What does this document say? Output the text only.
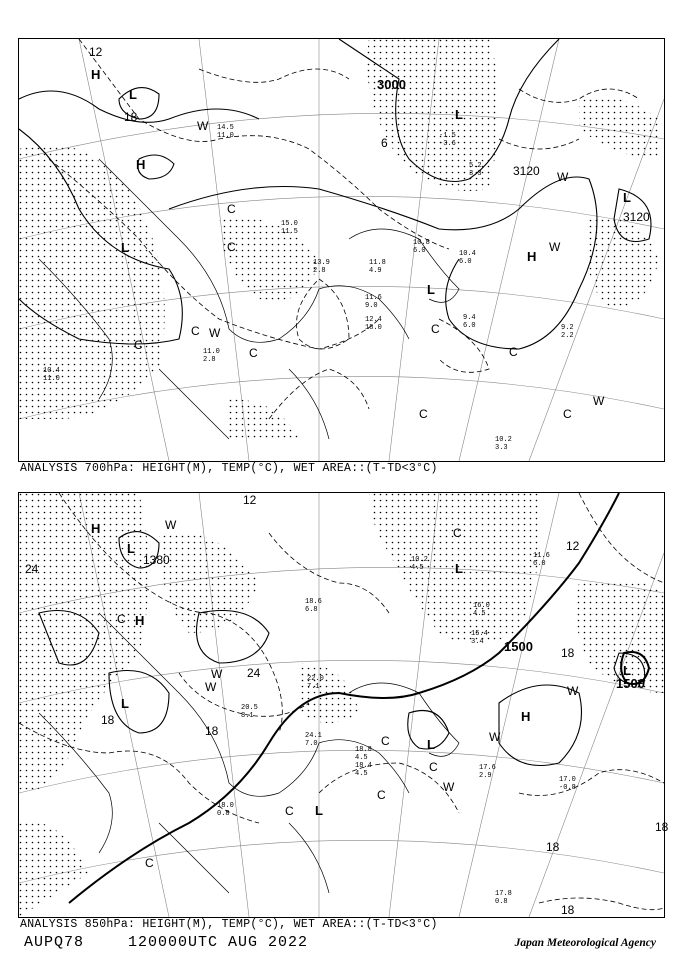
3000
3120
3120
12
18
6
H
L
H
L
L
H
L
L
W
W
W
W
W
C
C
C
C
C
C
C	C
C
10.2
3.3
9.4
6.0	9.2
2.2
11.0
2.8
11.6
9.0
12.4
18.0
10.8
6.0
11.8
4.9
13.9
2.8
15.0
11.5
14.5
11.0
5.2
3.3
-1.5
-3.6
10.4
11.0
10.4
6.0
ANALYSIS 700hPa: HEIGHT(M), TEMP(°C), WET AREA::(T-TD<3°C)
1380
1500
1500
12
24
18
24
18
18
12
18
18
18
H
L
H
L
L
H
L
L
L
W
W
W
W
W
W
C
C
C
C
C
C
C
17.8
0.8
17.0
-0.8
17.6
2.9
18.0
0.8
18.4
4.5
18.8
4.5
22.0
7.1
20.5
8.1
15.4
3.4
16.0
4.5
11.6
6.0
10.2
4.5
18.6
6.8
24.1
7.0
ANALYSIS 850hPa: HEIGHT(M), TEMP(°C), WET AREA::(T-TD<3°C)
AUPQ78	120000UTC AUG 2022	Japan Meteorological Agency
